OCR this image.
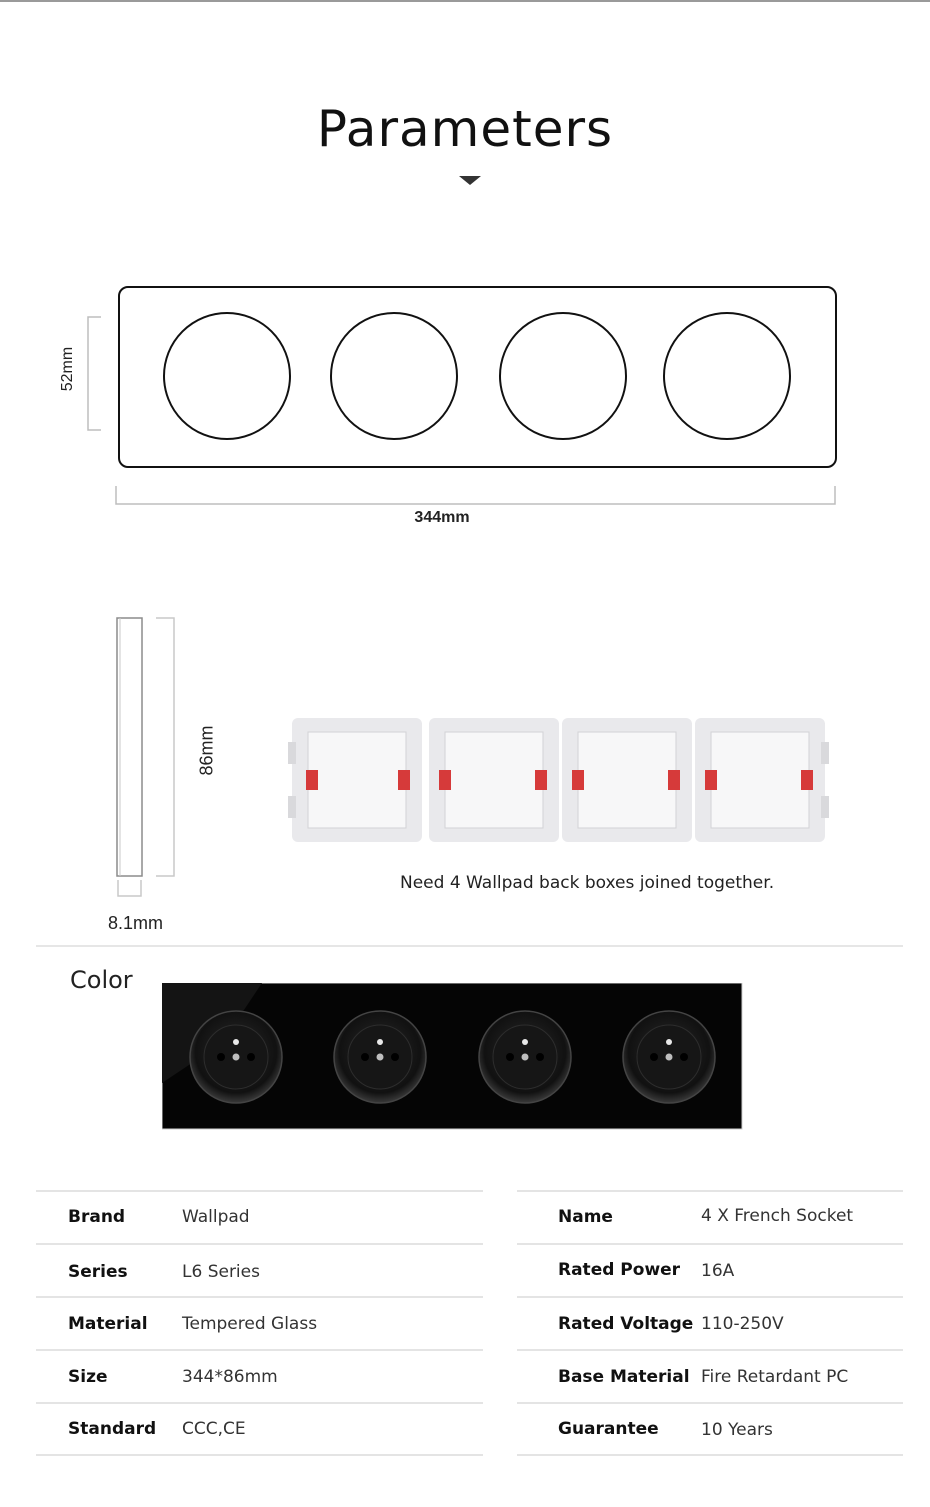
Parameters
52mm
344mm
86mm
8.1mm
Need 4 Wallpad back boxes joined together.
Color
Brand	Wallpad
Series	L6 Series
Material Tempered Glass
Size	344*86mm
Standard CCC,CE
Name	4 X French Socket
Rated Power 16A
Rated Voltage 110-250V
Base Material Fire Retardant PC
Guarantee 10 Years
